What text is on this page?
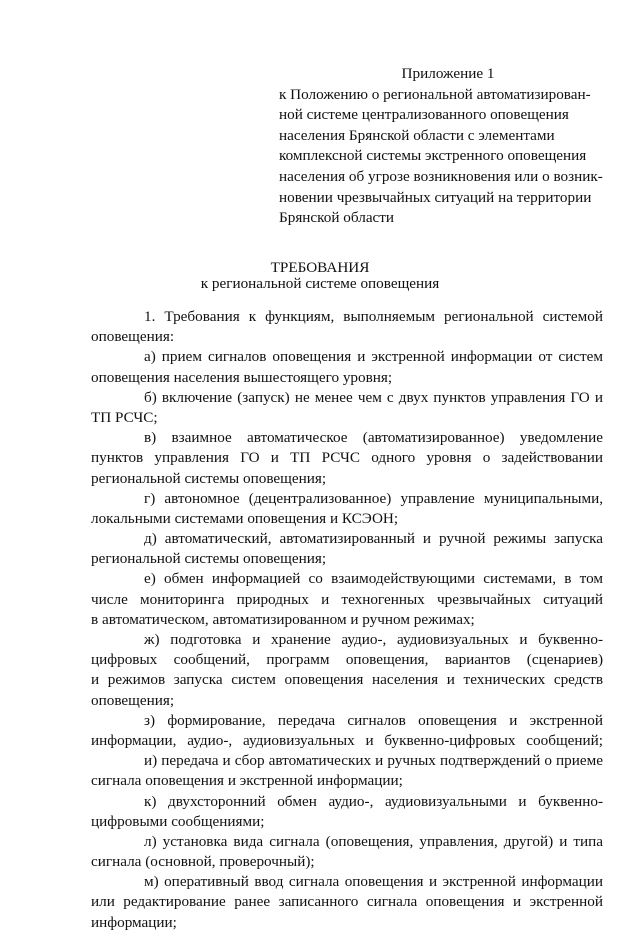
Приложение 1
к Положению о региональной автоматизирован-
ной системе централизованного оповещения
населения Брянской области с элементами
комплексной системы экстренного оповещения
населения об угрозе возникновения или о возник-
новении чрезвычайных ситуаций на территории
Брянской области
ТРЕБОВАНИЯ
к региональной системе оповещения
1. Требования к функциям, выполняемым региональной системой
оповещения:
а) прием сигналов оповещения и экстренной информации от систем
оповещения населения вышестоящего уровня;
б) включение (запуск) не менее чем с двух пунктов управления ГО и
ТП РСЧС;
в) взаимное автоматическое (автоматизированное) уведомление
пунктов управления ГО и ТП РСЧС одного уровня о задействовании
региональной системы оповещения;
г) автономное (децентрализованное) управление муниципальными,
локальными системами оповещения и КСЭОН;
д) автоматический, автоматизированный и ручной режимы запуска
региональной системы оповещения;
е) обмен информацией со взаимодействующими системами, в том
числе мониторинга природных и техногенных чрезвычайных ситуаций
в автоматическом, автоматизированном и ручном режимах;
ж) подготовка и хранение аудио-, аудиовизуальных и буквенно-
цифровых сообщений, программ оповещения, вариантов (сценариев)
и режимов запуска систем оповещения населения и технических средств
оповещения;
з) формирование, передача сигналов оповещения и экстренной
информации, аудио-, аудиовизуальных и буквенно-цифровых сообщений;
и) передача и сбор автоматических и ручных подтверждений о приеме
сигнала оповещения и экстренной информации;
к) двухсторонний обмен аудио-, аудиовизуальными и буквенно-
цифровыми сообщениями;
л) установка вида сигнала (оповещения, управления, другой) и типа
сигнала (основной, проверочный);
м) оперативный ввод сигнала оповещения и экстренной информации
или редактирование ранее записанного сигнала оповещения и экстренной
информации;
